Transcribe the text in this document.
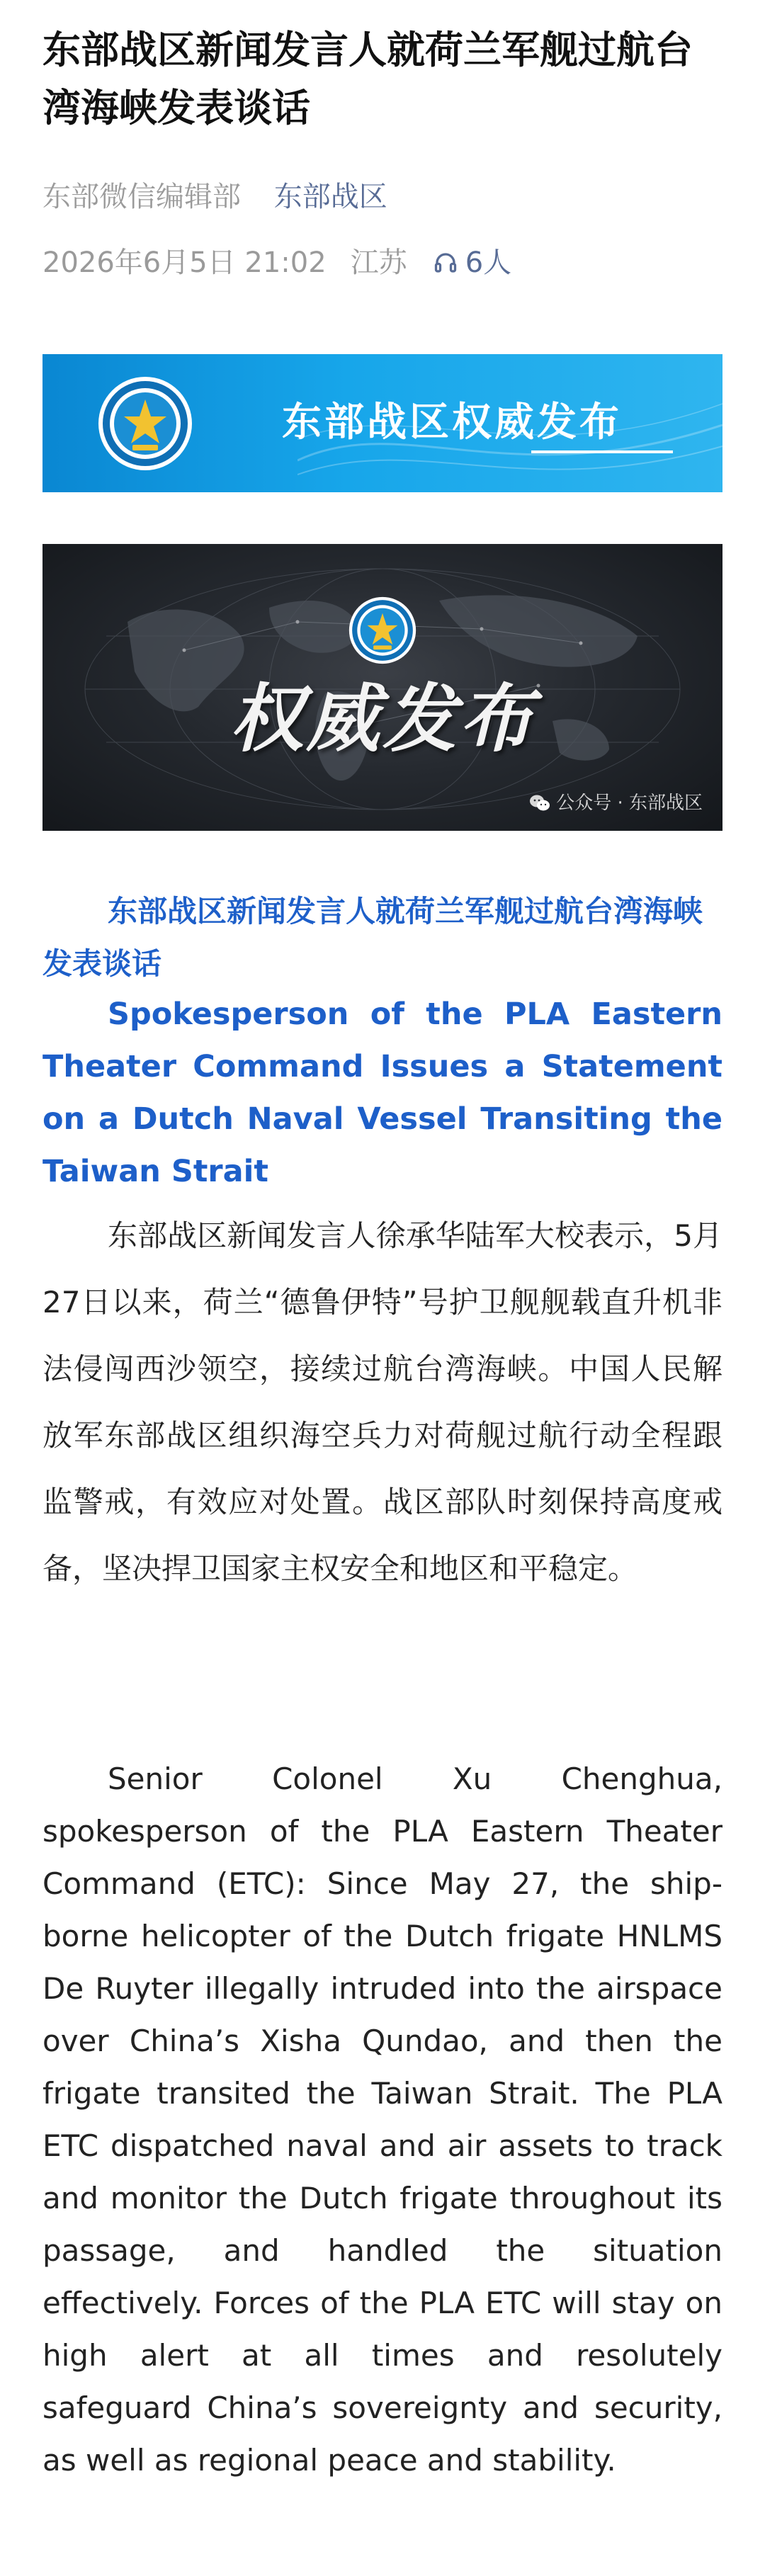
东部战区新闻发言人就荷兰军舰过航台湾海峡发表谈话
东部微信编辑部 东部战区
2026年6月5日 21:02 江苏 6人
东部战区权威发布
权威发布
公众号 · 东部战区

东部战区新闻发言人就荷兰军舰过航台湾海峡发表谈话

Spokesperson of the PLA Eastern Theater Command Issues a Statement on a Dutch Naval Vessel Transiting the Taiwan Strait

东部战区新闻发言人徐承华陆军大校表示，5月27日以来，荷兰“德鲁伊特”号护卫舰舰载直升机非法侵闯西沙领空，接续过航台湾海峡。中国人民解放军东部战区组织海空兵力对荷舰过航行动全程跟监警戒，有效应对处置。战区部队时刻保持高度戒备，坚决捍卫国家主权安全和地区和平稳定。

Senior Colonel Xu Chenghua, spokesperson of the PLA Eastern Theater Command (ETC): Since May 27, the ship-borne helicopter of the Dutch frigate HNLMS De Ruyter illegally intruded into the airspace over China’s Xisha Qundao, and then the frigate transited the Taiwan Strait. The PLA ETC dispatched naval and air assets to track and monitor the Dutch frigate throughout its passage, and handled the situation effectively. Forces of the PLA ETC will stay on high alert at all times and resolutely safeguard China’s sovereignty and security, as well as regional peace and stability.
